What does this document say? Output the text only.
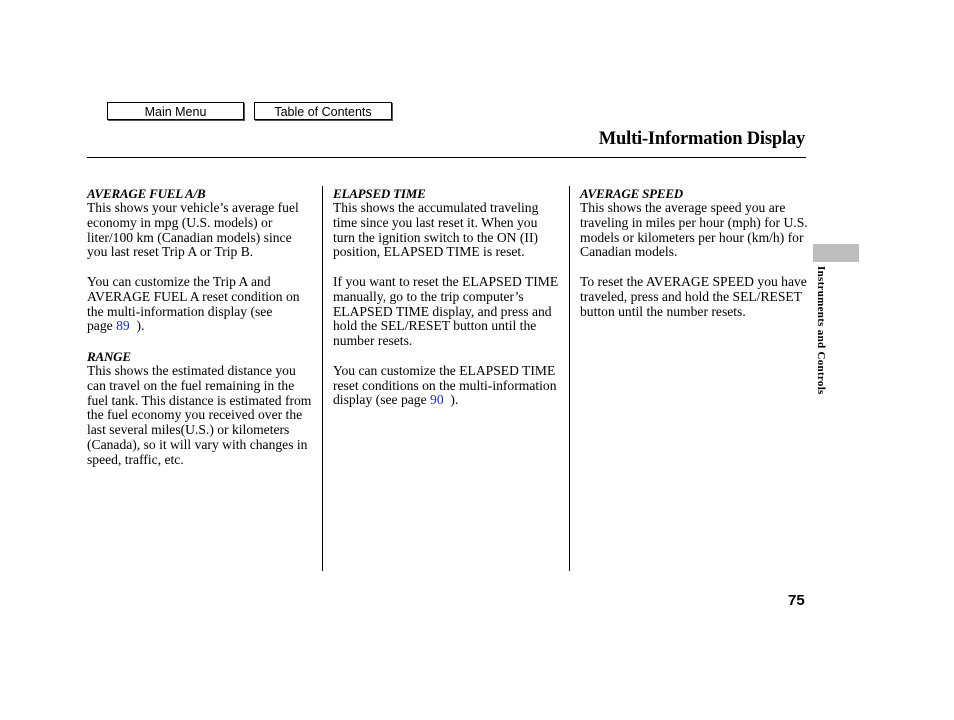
Main Menu	Table of Contents
Multi-Information Display
AVERAGE FUEL A/B

This shows your vehicle’s average fuel economy in mpg (U.S. models) or liter/100 km (Canadian models) since you last reset Trip A or Trip B.

You can customize the Trip A and AVERAGE FUEL A reset condition on the multi-information display (see page 89 ).

RANGE

This shows the estimated distance you can travel on the fuel remaining in the fuel tank. This distance is estimated from the fuel economy you received over the last several miles(U.S.) or kilometers (Canada), so it will vary with changes in speed, traffic, etc.

ELAPSED TIME

This shows the accumulated traveling time since you last reset it. When you turn the ignition switch to the ON (II) position, ELAPSED TIME is reset.

If you want to reset the ELAPSED TIME manually, go to the trip computer’s ELAPSED TIME display, and press and hold the SEL/RESET button until the number resets.

You can customize the ELAPSED TIME reset conditions on the multi-information display (see page 90 ).

AVERAGE SPEED

This shows the average speed you are traveling in miles per hour (mph) for U.S. models or kilometers per hour (km/h) for Canadian models.

To reset the AVERAGE SPEED you have traveled, press and hold the SEL/RESET button until the number resets.	Instruments and Controls
75
